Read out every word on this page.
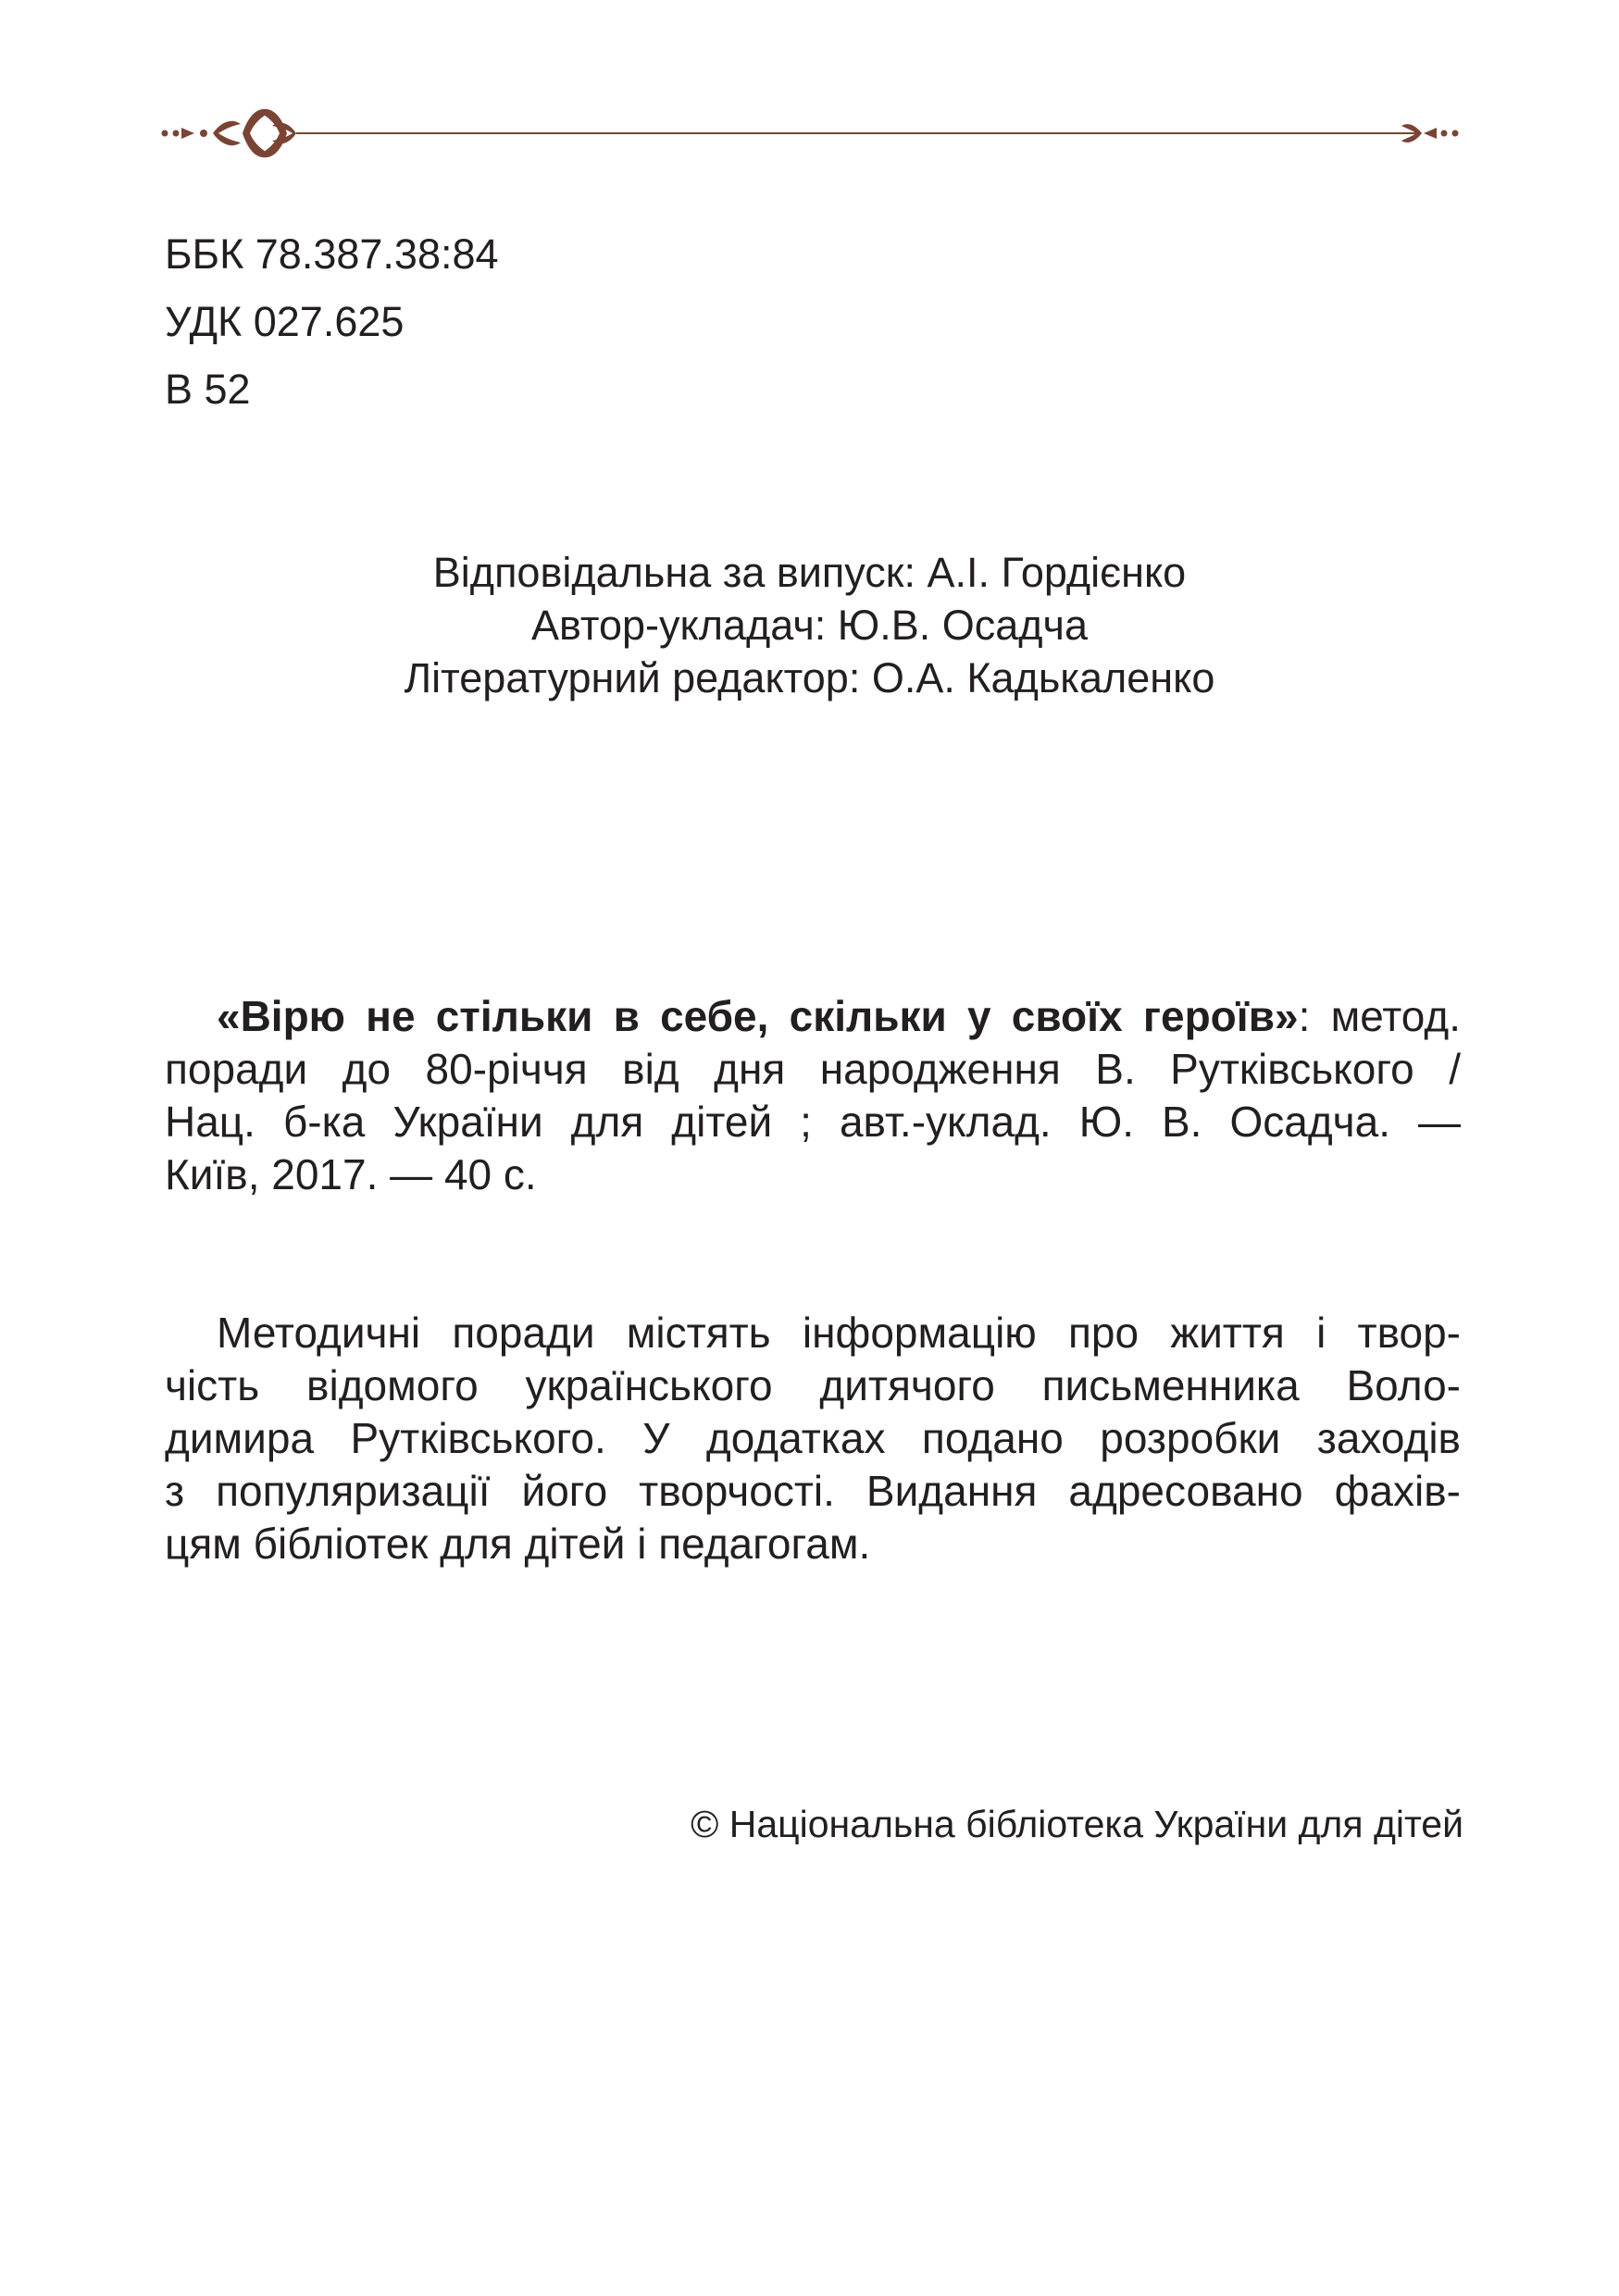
ББК 78.387.38:84
УДК 027.625
В 52
Відповідальна за випуск: А.І. Гордієнко
Автор-укладач: Ю.В. Осадча
Літературний редактор: О.А. Кадькаленко
«Вірю не стільки в себе, скільки у своїх героїв»: метод.
поради до 80-річчя від дня народження В. Рутківського /
Нац. б-ка України для дітей ; авт.-уклад. Ю. В. Осадча. —
Київ, 2017. — 40 с.
Методичні поради містять інформацію про життя і твор-
чість відомого українського дитячого письменника Воло-
димира Рутківського. У додатках подано розробки заходів
з популяризації його творчості. Видання адресовано фахів-
цям бібліотек для дітей і педагогам.
© Національна бібліотека України для дітей
